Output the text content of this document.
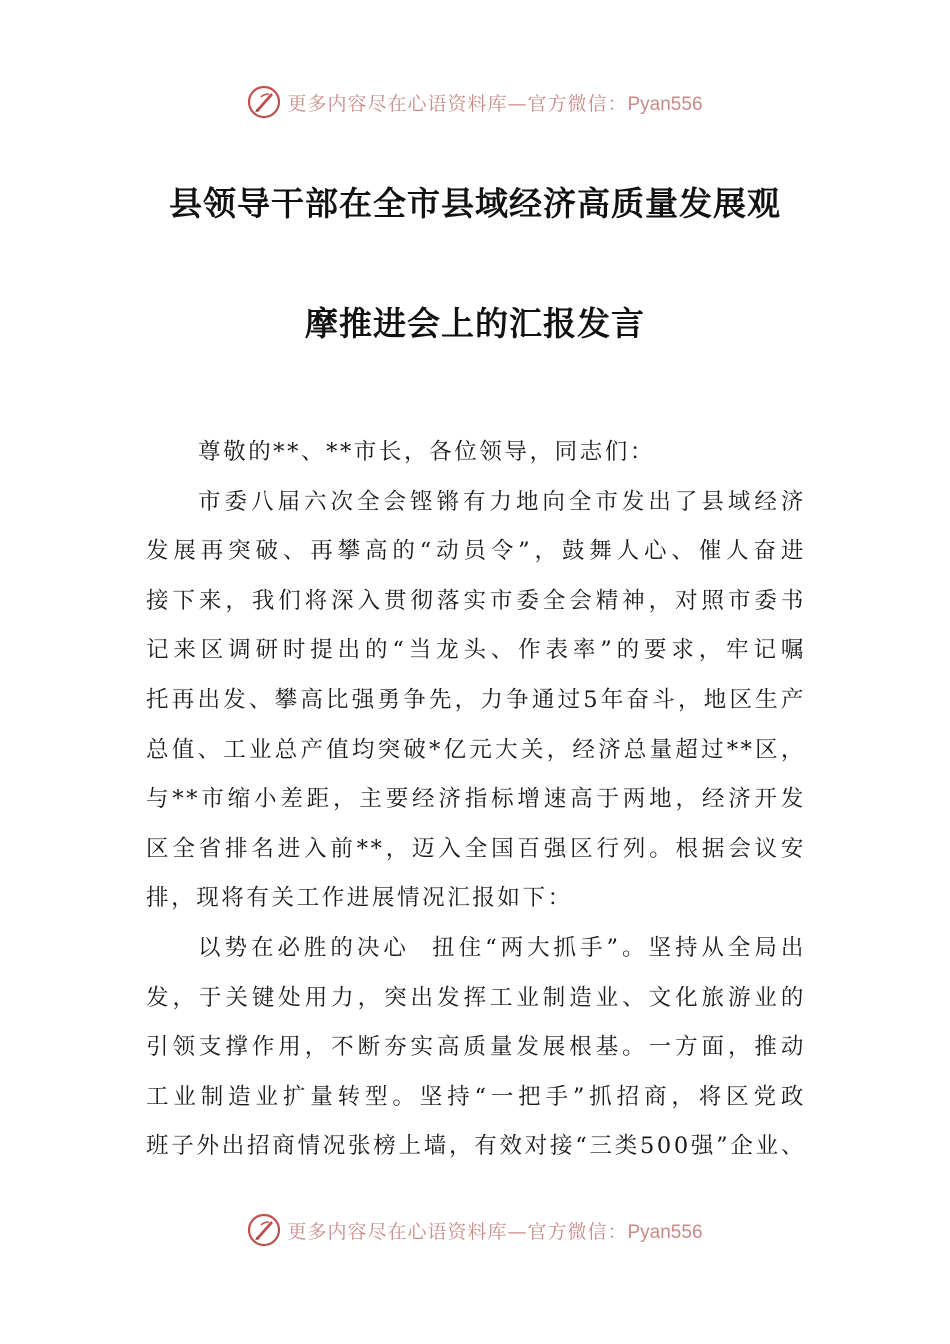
更多内容尽在心语资料库—官方微信：Pyan556
县领导干部在全市县域经济高质量发展观
摩推进会上的汇报发言

尊敬的**、**市长，各位领导，同志们：

市委八届六次全会铿锵有力地向全市发出了县域经济
发展再突破、再攀高的“动员令”，鼓舞人心、催人奋进
接下来，我们将深入贯彻落实市委全会精神，对照市委书
记来区调研时提出的“当龙头、作表率”的要求，牢记嘱
托再出发、攀高比强勇争先，力争通过5年奋斗，地区生产
总值、工业总产值均突破*亿元大关，经济总量超过**区，
与**市缩小差距，主要经济指标增速高于两地，经济开发
区全省排名进入前**，迈入全国百强区行列。根据会议安
排，现将有关工作进展情况汇报如下：

以势在必胜的决心  扭住“两大抓手”。坚持从全局出
发，于关键处用力，突出发挥工业制造业、文化旅游业的
引领支撑作用，不断夯实高质量发展根基。一方面，推动
工业制造业扩量转型。坚持“一把手”抓招商，将区党政
班子外出招商情况张榜上墙，有效对接“三类500强”企业、

更多内容尽在心语资料库—官方微信：Pyan556
